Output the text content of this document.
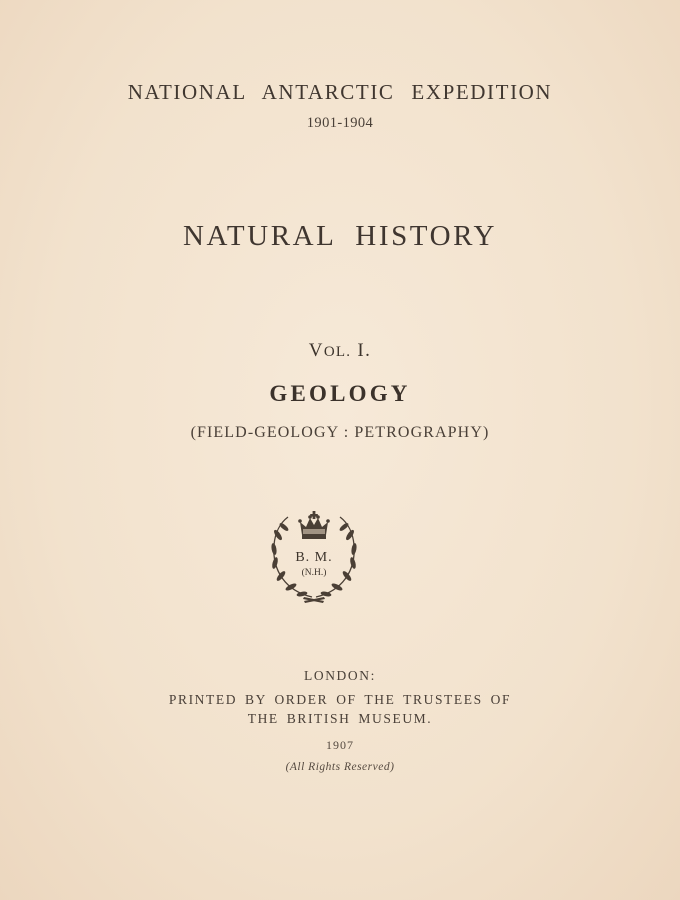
NATIONAL ANTARCTIC EXPEDITION
1901-1904
NATURAL HISTORY
VOL. I.
GEOLOGY
(FIELD-GEOLOGY : PETROGRAPHY)
B. M.
(N.H.)
LONDON:
PRINTED BY ORDER OF THE TRUSTEES OF
THE BRITISH MUSEUM.
1907
(All Rights Reserved)
